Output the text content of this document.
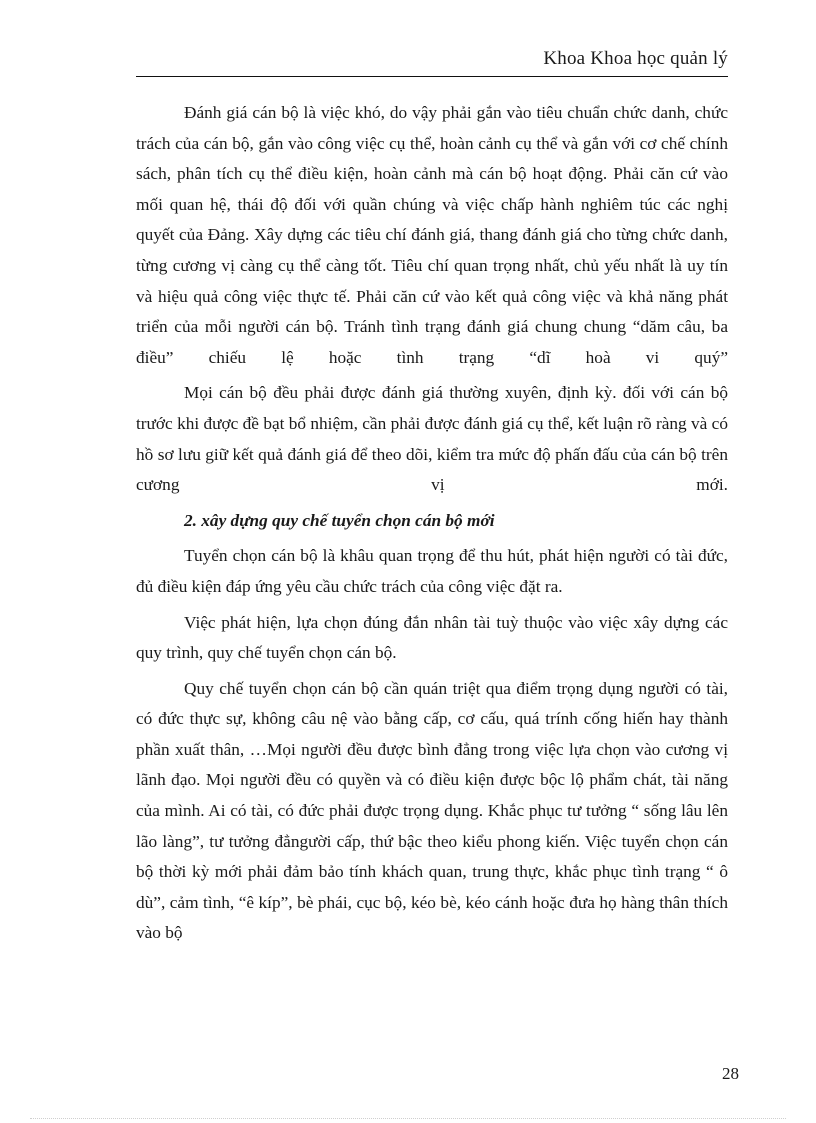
Khoa Khoa học quản lý

Đánh giá cán bộ là việc khó, do vậy phải gắn vào tiêu chuẩn chức danh, chức trách của cán bộ, gắn vào công việc cụ thể, hoàn cảnh cụ thể và gắn với cơ chế chính sách, phân tích cụ thể điều kiện, hoàn cảnh mà cán bộ hoạt động. Phải căn cứ vào mối quan hệ, thái độ đối với quần chúng và việc chấp hành nghiêm túc các nghị quyết của Đảng. Xây dựng các tiêu chí đánh giá, thang đánh giá cho từng chức danh, từng cương vị càng cụ thể càng tốt. Tiêu chí quan trọng nhất, chủ yếu nhất là uy tín và hiệu quả công việc thực tế. Phải căn cứ vào kết quả công việc và khả năng phát triển của mỗi người cán bộ. Tránh tình trạng đánh giá chung chung “dăm câu, ba điều” chiếu lệ hoặc tình trạng “dĩ hoà vi quý”

Mọi cán bộ đều phải được đánh giá thường xuyên, định kỳ. đối với cán bộ trước khi được đề bạt bổ nhiệm, cần phải được đánh giá cụ thể, kết luận rõ ràng và có hồ sơ lưu giữ kết quả đánh giá để theo dõi, kiểm tra mức độ phấn đấu của cán bộ trên cương vị mới.

2. xây dựng quy chế tuyển chọn cán bộ mới

Tuyển chọn cán bộ là khâu quan trọng để thu hút, phát hiện người có tài đức, đủ điều kiện đáp ứng yêu cầu chức trách của công việc đặt ra.

Việc phát hiện, lựa chọn đúng đắn nhân tài tuỳ thuộc vào việc xây dựng các quy trình, quy chế tuyển chọn cán bộ.

Quy chế tuyển chọn cán bộ cần quán triệt qua điểm trọng dụng người có tài, có đức thực sự, không câu nệ vào bằng cấp, cơ cấu, quá trính cống hiến hay thành phần xuất thân, …Mọi người đều được bình đẳng trong việc lựa chọn vào cương vị lãnh đạo. Mọi người đều có quyền và có điều kiện được bộc lộ phẩm chát, tài năng của mình. Ai có tài, có đức phải được trọng dụng. Khắc phục tư tưởng “ sống lâu lên lão làng”, tư tưởng đẳngười cấp, thứ bậc theo kiểu phong kiến. Việc tuyển chọn cán bộ thời kỳ mới phải đảm bảo tính khách quan, trung thực, khắc phục tình trạng “ ô dù”, cảm tình, “ê kíp”, bè phái, cục bộ, kéo bè, kéo cánh hoặc đưa họ hàng thân thích vào bộ

28
